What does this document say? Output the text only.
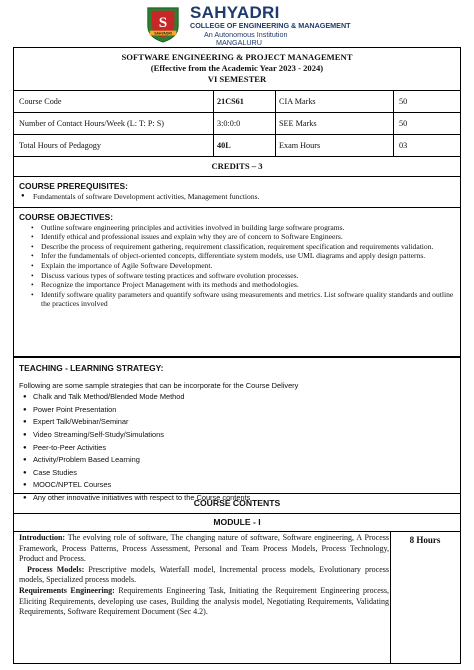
S
SAHYADRI
SAHYADRI
COLLEGE OF ENGINEERING & MANAGEMENT
An Autonomous Institution
MANGALURU
SOFTWARE ENGINEERING & PROJECT MANAGEMENT
(Effective from the Academic Year 2023 - 2024)
VI SEMESTER
Course Code	21CS61	CIA Marks	50
Number of Contact Hours/Week (L: T: P: S)	3:0:0:0	SEE Marks	50
Total Hours of Pedagogy	40L	Exam Hours	03
CREDITS – 3
COURSE PREREQUISITES:
● Fundamentals of software Development activities, Management functions.
COURSE OBJECTIVES:
• Outline software engineering principles and activities involved in building large software programs.
• Identify ethical and professional issues and explain why they are of concern to Software Engineers.
• Describe the process of requirement gathering, requirement classification, requirement specification and requirements validation.
• Infer the fundamentals of object-oriented concepts, differentiate system models, use UML diagrams and apply design patterns.
• Explain the importance of Agile Software Development.
• Discuss various types of software testing practices and software evolution processes.
• Recognize the importance Project Management with its methods and methodologies.
• Identify software quality parameters and quantify software using measurements and metrics. List software quality standards and outline the practices involved
TEACHING - LEARNING STRATEGY:
Following are some sample strategies that can be incorporate for the Course Delivery
● Chalk and Talk Method/Blended Mode Method
● Power Point Presentation
● Expert Talk/Webinar/Seminar
● Video Streaming/Self-Study/Simulations
● Peer-to-Peer Activities
● Activity/Problem Based Learning
● Case Studies
● MOOC/NPTEL Courses
● Any other innovative initiatives with respect to the Course contents
COURSE CONTENTS
MODULE - I
Introduction: The evolving role of software, The changing nature of software, Software engineering, A Process Framework, Process Patterns, Process Assessment, Personal and Team Process Models, Process Technology, Product and Process.
Process Models: Prescriptive models, Waterfall model, Incremental process models, Evolutionary process models, Specialized process models.
Requirements Engineering: Requirements Engineering Task, Initiating the Requirement Engineering process, Eliciting Requirements, developing use cases, Building the analysis model, Negotiating Requirements, Validating Requirements, Software Requirement Document (Sec 4.2).
8 Hours
